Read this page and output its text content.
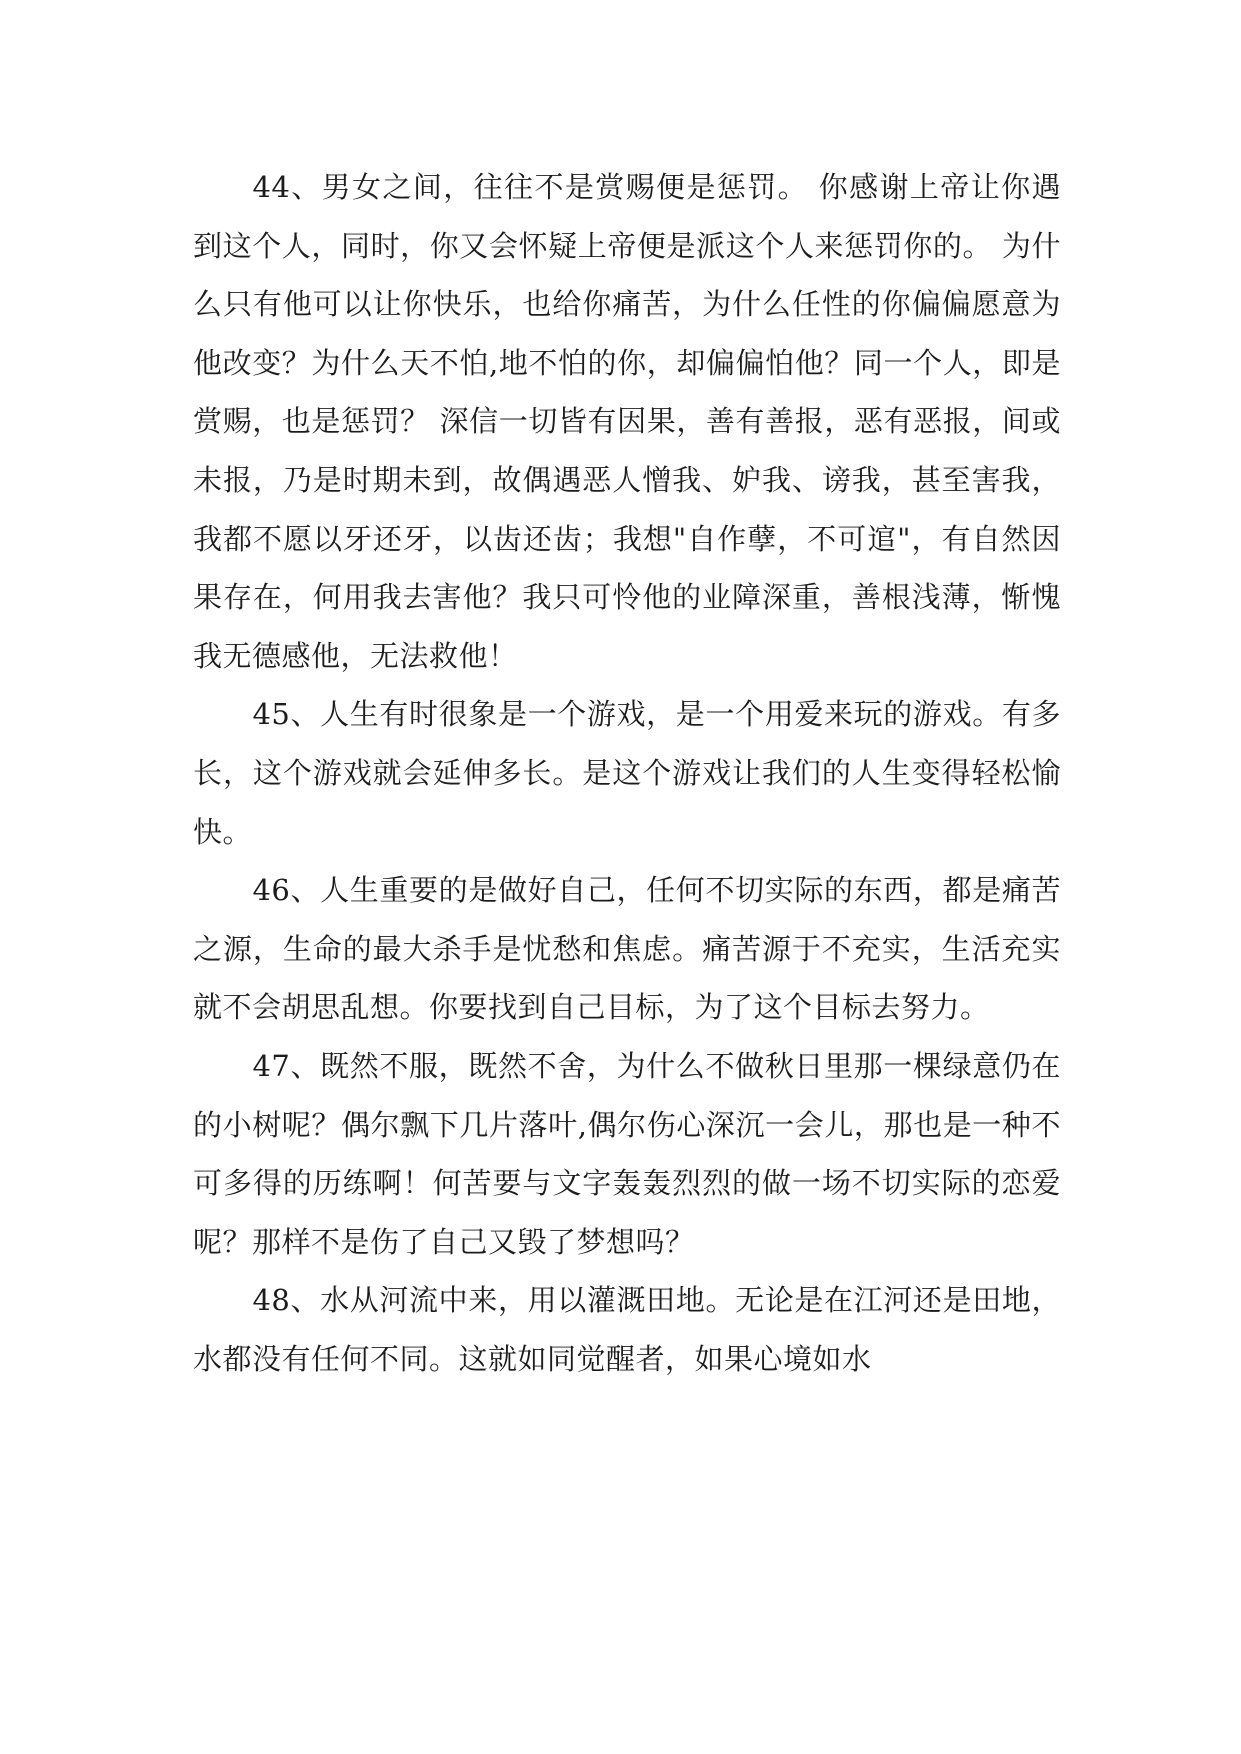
44、男女之间，往往不是赏赐便是惩罚。 你感谢上帝让你遇到这个人，同时，你又会怀疑上帝便是派这个人来惩罚你的。 为什么只有他可以让你快乐，也给你痛苦，为什么任性的你偏偏愿意为他改变？为什么天不怕,地不怕的你，却偏偏怕他？同一个人，即是赏赐，也是惩罚？ 深信一切皆有因果，善有善报，恶有恶报，间或未报，乃是时期未到，故偶遇恶人憎我、妒我、谤我，甚至害我，我都不愿以牙还牙，以齿还齿；我想"自作孽，不可逭"，有自然因果存在，何用我去害他？我只可怜他的业障深重，善根浅薄，惭愧我无德感他，无法救他！

45、人生有时很象是一个游戏，是一个用爱来玩的游戏。有多长，这个游戏就会延伸多长。是这个游戏让我们的人生变得轻松愉快。

46、人生重要的是做好自己，任何不切实际的东西，都是痛苦之源，生命的最大杀手是忧愁和焦虑。痛苦源于不充实，生活充实就不会胡思乱想。你要找到自己目标，为了这个目标去努力。

47、既然不服，既然不舍，为什么不做秋日里那一棵绿意仍在的小树呢？偶尔飘下几片落叶,偶尔伤心深沉一会儿，那也是一种不可多得的历练啊！何苦要与文字轰轰烈烈的做一场不切实际的恋爱呢？那样不是伤了自己又毁了梦想吗？

48、水从河流中来，用以灌溉田地。无论是在江河还是田地，水都没有任何不同。这就如同觉醒者，如果心境如水
